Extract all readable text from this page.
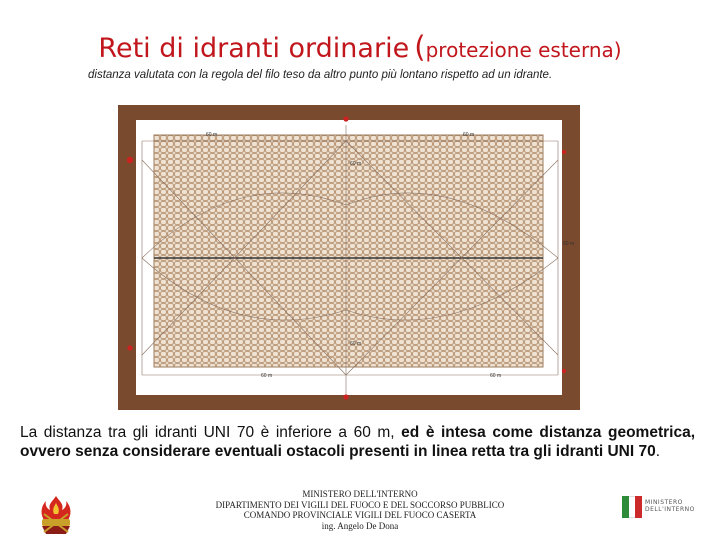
Reti di idranti ordinarie (protezione esterna)
distanza valutata con la regola del filo teso da altro punto più lontano rispetto ad un idrante.
60 m	60 m
60 m	60 m
60 m
60 m
60 m
La distanza tra gli idranti UNI 70 è inferiore a 60 m, ed è intesa come distanza geometrica, ovvero senza considerare eventuali ostacoli presenti in linea retta tra gli idranti UNI 70.
MINISTERO DELL'INTERNO
DIPARTIMENTO DEI VIGILI DEL FUOCO E DEL SOCCORSO PUBBLICO
COMANDO PROVINCIALE VIGILI DEL FUOCO CASERTA
ing. Angelo De Dona
MINISTERO
DELL'INTERNO
